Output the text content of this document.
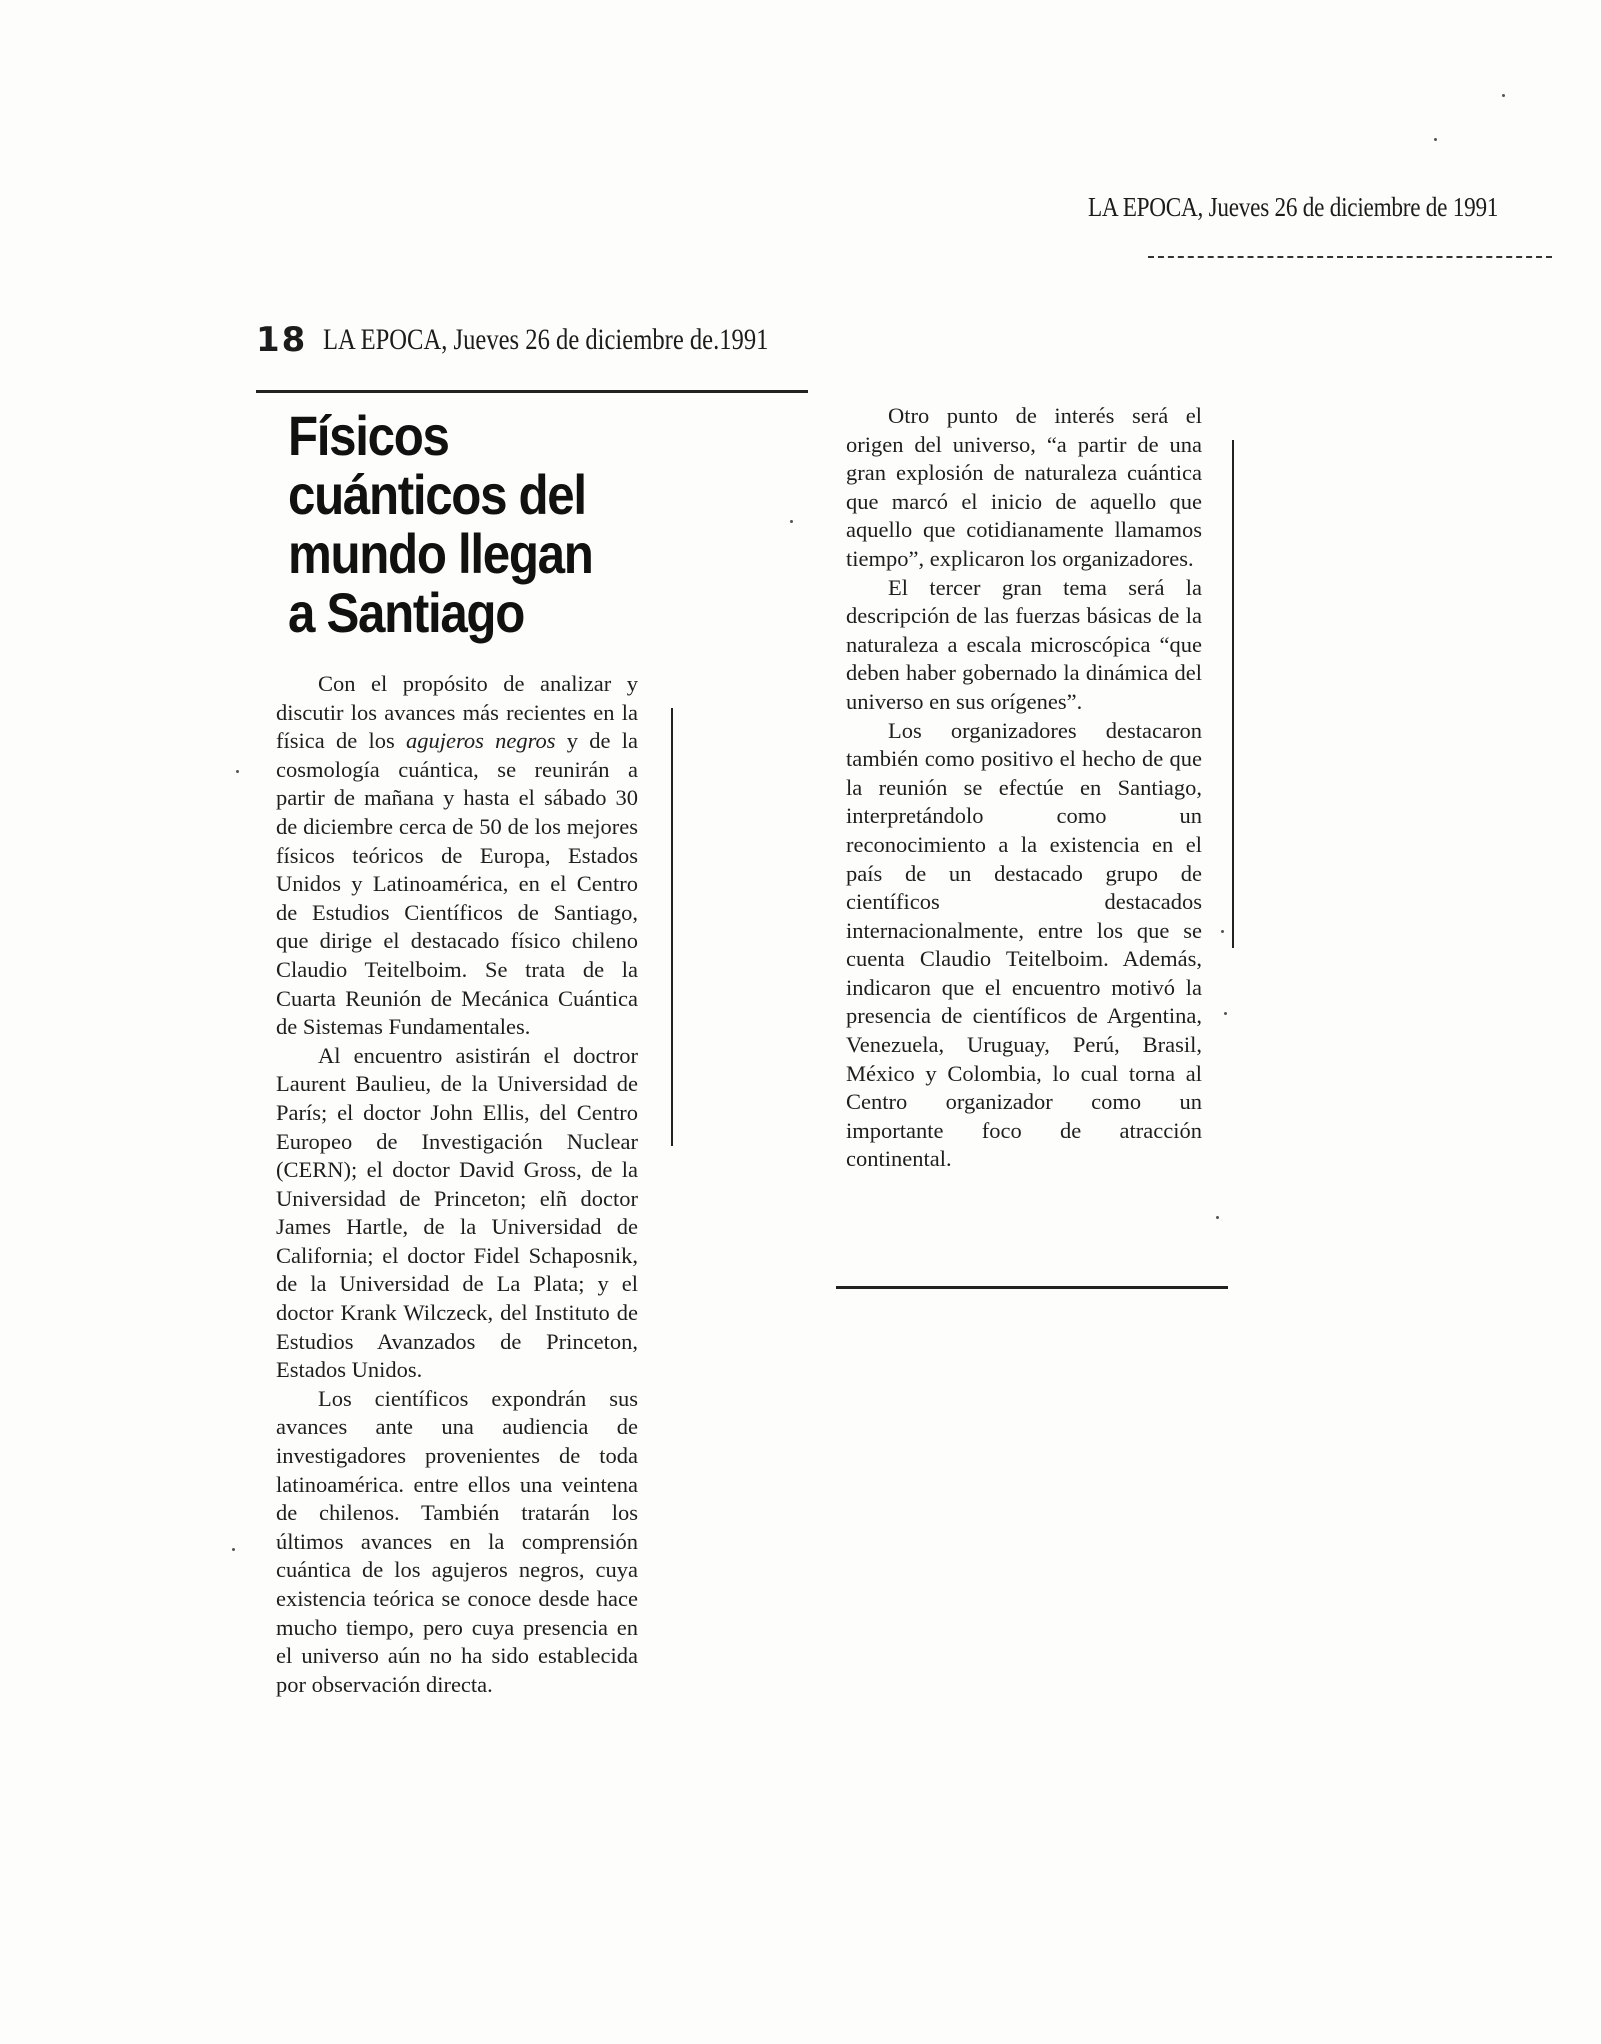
LA EPOCA, Jueves 26 de diciembre de 1991
18 LA EPOCA, Jueves 26 de diciembre de.1991
Físicos
cuánticos del
mundo llegan
a Santiago

Con el propósito de analizar y discutir los avances más recientes en la física de los agujeros negros y de la cosmología cuántica, se reunirán a partir de mañana y hasta el sábado 30 de diciembre cerca de 50 de los mejores físicos teóricos de Europa, Estados Unidos y Latinoamérica, en el Centro de Estudios Científicos de Santiago, que dirige el destacado físico chileno Claudio Teitelboim. Se trata de la Cuarta Reunión de Mecánica Cuántica de Sistemas Fundamentales.

Al encuentro asistirán el doctror Laurent Baulieu, de la Universidad de París; el doctor John Ellis, del Centro Europeo de Investigación Nuclear (CERN); el doctor David Gross, de la Universidad de Princeton; elñ doctor James Hartle, de la Universidad de California; el doctor Fidel Schaposnik, de la Universidad de La Plata; y el doctor Krank Wilczeck, del Instituto de Estudios Avanzados de Princeton, Estados Unidos.

Los científicos expondrán sus avances ante una audiencia de investigadores provenientes de toda latinoamérica. entre ellos una veintena de chilenos. También tratarán los últimos avances en la comprensión cuántica de los agujeros negros, cuya existencia teórica se conoce desde hace mucho tiempo, pero cuya presencia en el universo aún no ha sido establecida por observación directa.

Otro punto de interés será el origen del universo, “a partir de una gran explosión de naturaleza cuántica que marcó el inicio de aquello que aquello que cotidianamente llamamos tiempo”, explicaron los organizadores.

El tercer gran tema será la descripción de las fuerzas básicas de la naturaleza a escala microscópica “que deben haber gobernado la dinámica del universo en sus orígenes”.

Los organizadores destacaron también como positivo el hecho de que la reunión se efectúe en Santiago, interpretándolo como un reconocimiento a la existencia en el país de un destacado grupo de científicos destacados internacionalmente, entre los que se cuenta Claudio Teitelboim. Además, indicaron que el encuentro motivó la presencia de científicos de Argentina, Venezuela, Uruguay, Perú, Brasil, México y Colombia, lo cual torna al Centro organizador como un importante foco de atracción continental.
